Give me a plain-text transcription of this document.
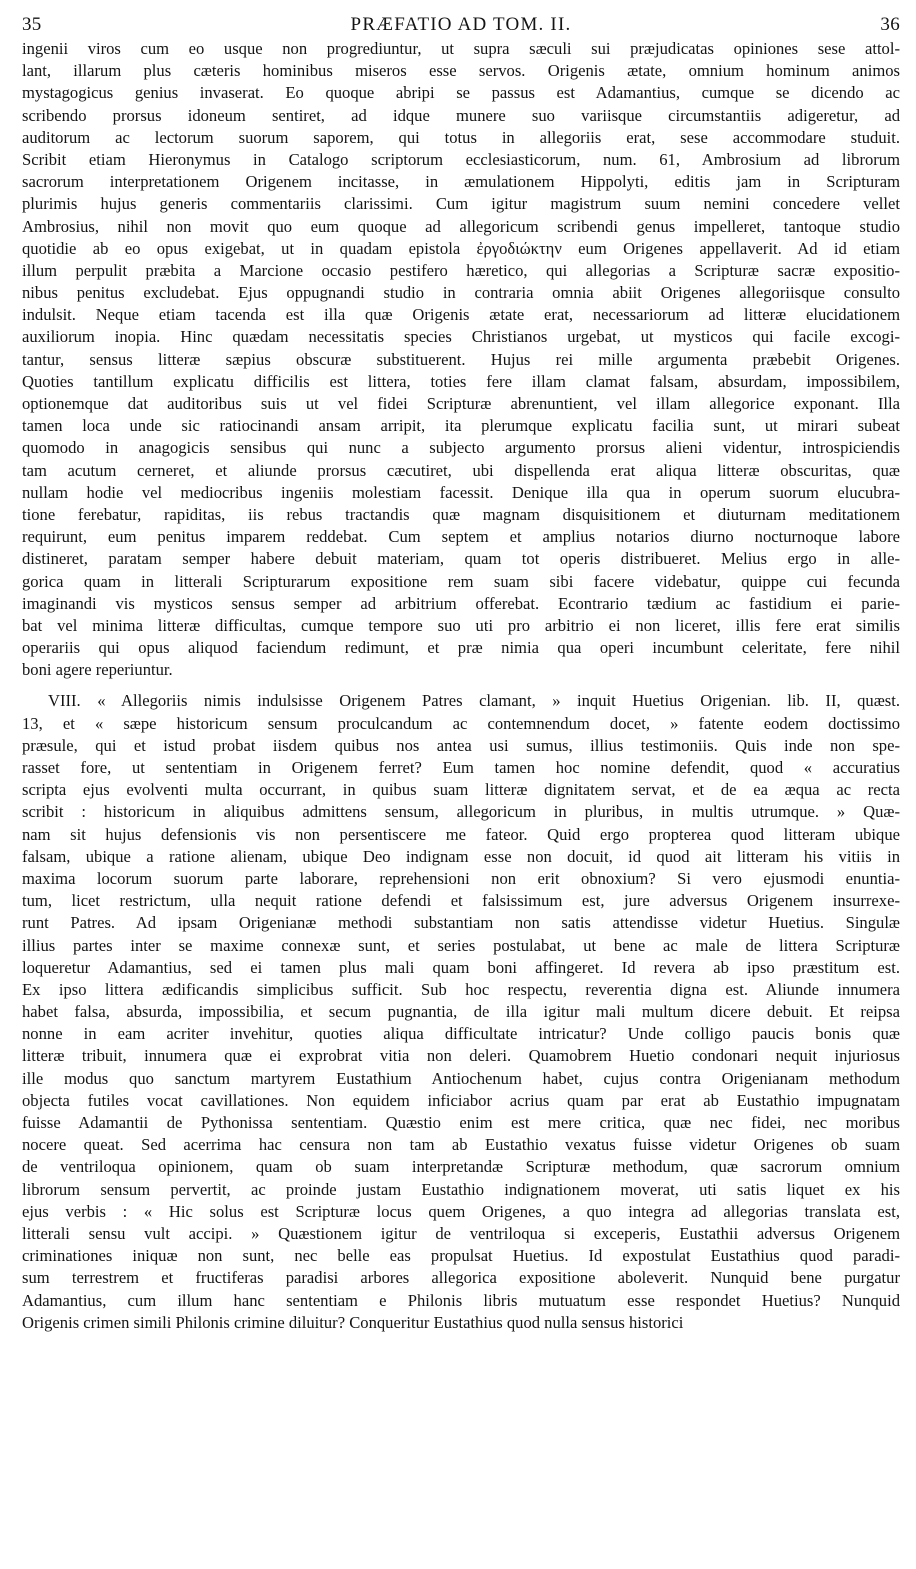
35	PRÆFATIO AD TOM. II.	36
ingenii viros cum eo usque non progrediuntur, ut supra sæculi sui præjudicatas opiniones sese attol-
lant, illarum plus cæteris hominibus miseros esse servos. Origenis ætate, omnium hominum animos
mystagogicus genius invaserat. Eo quoque abripi se passus est Adamantius, cumque se dicendo ac
scribendo prorsus idoneum sentiret, ad idque munere suo variisque circumstantiis adigeretur, ad
auditorum ac lectorum suorum saporem, qui totus in allegoriis erat, sese accommodare studuit.
Scribit etiam Hieronymus in Catalogo scriptorum ecclesiasticorum, num. 61, Ambrosium ad librorum
sacrorum interpretationem Origenem incitasse, in æmulationem Hippolyti, editis jam in Scripturam
plurimis hujus generis commentariis clarissimi. Cum igitur magistrum suum nemini concedere vellet
Ambrosius, nihil non movit quo eum quoque ad allegoricum scribendi genus impelleret, tantoque studio
quotidie ab eo opus exigebat, ut in quadam epistola ἐργοδιώκτην eum Origenes appellaverit. Ad id etiam
illum perpulit præbita a Marcione occasio pestifero hæretico, qui allegorias a Scripturæ sacræ expositio-
nibus penitus excludebat. Ejus oppugnandi studio in contraria omnia abiit Origenes allegoriisque consulto
indulsit. Neque etiam tacenda est illa quæ Origenis ætate erat, necessariorum ad litteræ elucidationem
auxiliorum inopia. Hinc quædam necessitatis species Christianos urgebat, ut mysticos qui facile excogi-
tantur, sensus litteræ sæpius obscuræ substituerent. Hujus rei mille argumenta præbebit Origenes.
Quoties tantillum explicatu difficilis est littera, toties fere illam clamat falsam, absurdam, impossibilem,
optionemque dat auditoribus suis ut vel fidei Scripturæ abrenuntient, vel illam allegorice exponant. Illa
tamen loca unde sic ratiocinandi ansam arripit, ita plerumque explicatu facilia sunt, ut mirari subeat
quomodo in anagogicis sensibus qui nunc a subjecto argumento prorsus alieni videntur, introspiciendis
tam acutum cerneret, et aliunde prorsus cæcutiret, ubi dispellenda erat aliqua litteræ obscuritas, quæ
nullam hodie vel mediocribus ingeniis molestiam facessit. Denique illa qua in operum suorum elucubra-
tione ferebatur, rapiditas, iis rebus tractandis quæ magnam disquisitionem et diuturnam meditationem
requirunt, eum penitus imparem reddebat. Cum septem et amplius notarios diurno nocturnoque labore
distineret, paratam semper habere debuit materiam, quam tot operis distribueret. Melius ergo in alle-
gorica quam in litterali Scripturarum expositione rem suam sibi facere videbatur, quippe cui fecunda
imaginandi vis mysticos sensus semper ad arbitrium offerebat. Econtrario tædium ac fastidium ei parie-
bat vel minima litteræ difficultas, cumque tempore suo uti pro arbitrio ei non liceret, illis fere erat similis
operariis qui opus aliquod faciendum redimunt, et præ nimia qua operi incumbunt celeritate, fere nihil
boni agere reperiuntur.
VIII. « Allegoriis nimis indulsisse Origenem Patres clamant, » inquit Huetius Origenian. lib. II, quæst.
13, et « sæpe historicum sensum proculcandum ac contemnendum docet, » fatente eodem doctissimo
præsule, qui et istud probat iisdem quibus nos antea usi sumus, illius testimoniis. Quis inde non spe-
rasset fore, ut sententiam in Origenem ferret? Eum tamen hoc nomine defendit, quod « accuratius
scripta ejus evolventi multa occurrant, in quibus suam litteræ dignitatem servat, et de ea æqua ac recta
scribit : historicum in aliquibus admittens sensum, allegoricum in pluribus, in multis utrumque. » Quæ-
nam sit hujus defensionis vis non persentiscere me fateor. Quid ergo propterea quod litteram ubique
falsam, ubique a ratione alienam, ubique Deo indignam esse non docuit, id quod ait litteram his vitiis in
maxima locorum suorum parte laborare, reprehensioni non erit obnoxium? Si vero ejusmodi enuntia-
tum, licet restrictum, ulla nequit ratione defendi et falsissimum est, jure adversus Origenem insurrexe-
runt Patres. Ad ipsam Origenianæ methodi substantiam non satis attendisse videtur Huetius. Singulæ
illius partes inter se maxime connexæ sunt, et series postulabat, ut bene ac male de littera Scripturæ
loqueretur Adamantius, sed ei tamen plus mali quam boni affingeret. Id revera ab ipso præstitum est.
Ex ipso littera ædificandis simplicibus sufficit. Sub hoc respectu, reverentia digna est. Aliunde innumera
habet falsa, absurda, impossibilia, et secum pugnantia, de illa igitur mali multum dicere debuit. Et reipsa
nonne in eam acriter invehitur, quoties aliqua difficultate intricatur? Unde colligo paucis bonis quæ
litteræ tribuit, innumera quæ ei exprobrat vitia non deleri. Quamobrem Huetio condonari nequit injuriosus
ille modus quo sanctum martyrem Eustathium Antiochenum habet, cujus contra Origenianam methodum
objecta futiles vocat cavillationes. Non equidem inficiabor acrius quam par erat ab Eustathio impugnatam
fuisse Adamantii de Pythonissa sententiam. Quæstio enim est mere critica, quæ nec fidei, nec moribus
nocere queat. Sed acerrima hac censura non tam ab Eustathio vexatus fuisse videtur Origenes ob suam
de ventriloqua opinionem, quam ob suam interpretandæ Scripturæ methodum, quæ sacrorum omnium
librorum sensum pervertit, ac proinde justam Eustathio indignationem moverat, uti satis liquet ex his
ejus verbis : « Hic solus est Scripturæ locus quem Origenes, a quo integra ad allegorias translata est,
litterali sensu vult accipi. » Quæstionem igitur de ventriloqua si exceperis, Eustathii adversus Origenem
criminationes iniquæ non sunt, nec belle eas propulsat Huetius. Id expostulat Eustathius quod paradi-
sum terrestrem et fructiferas paradisi arbores allegorica expositione aboleverit. Nunquid bene purgatur
Adamantius, cum illum hanc sententiam e Philonis libris mutuatum esse respondet Huetius? Nunquid
Origenis crimen simili Philonis crimine diluitur? Conqueritur Eustathius quod nulla sensus historici
